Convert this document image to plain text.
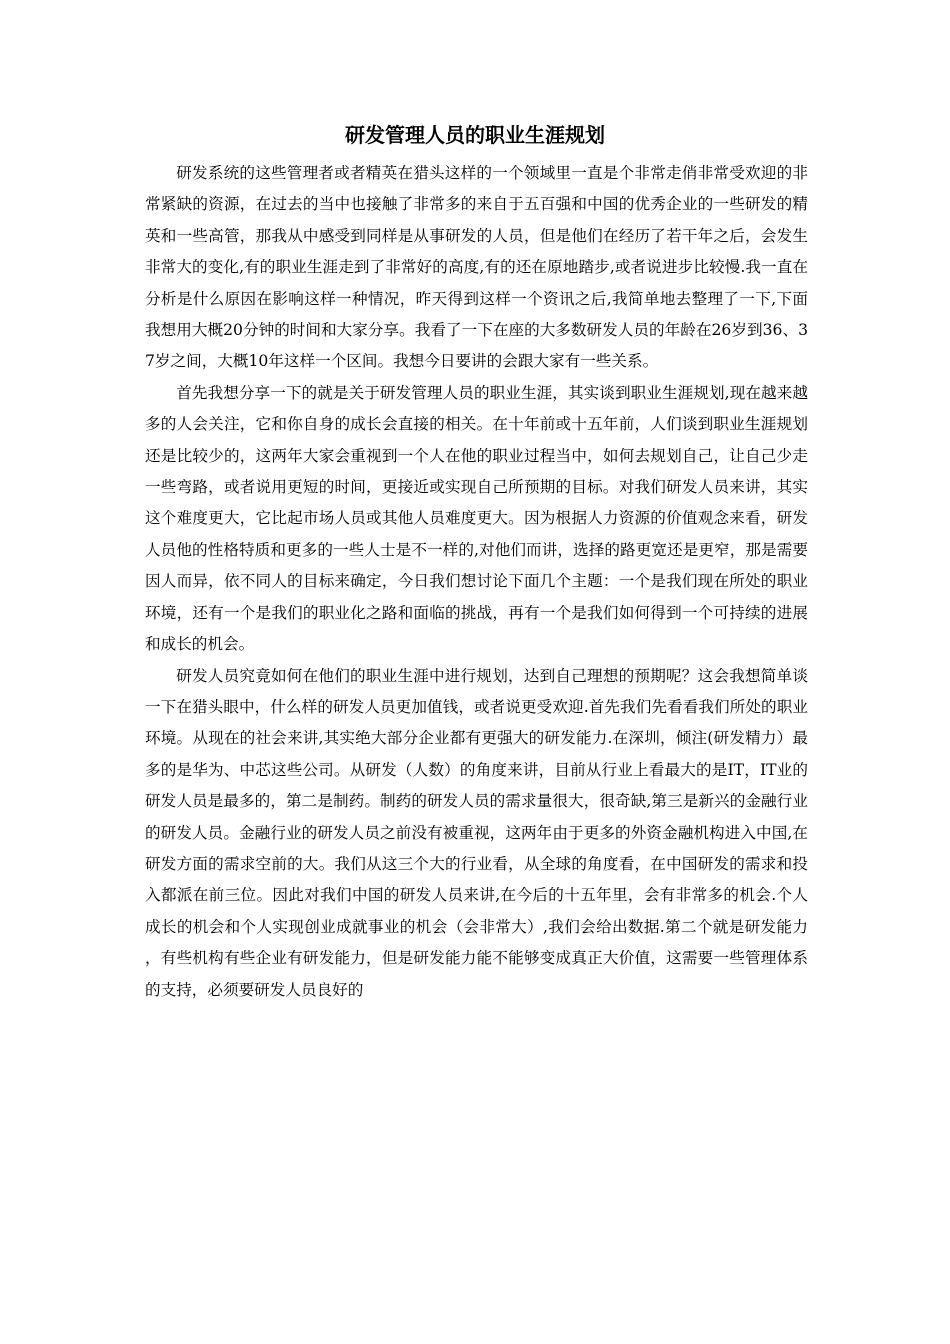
研发管理人员的职业生涯规划

研发系统的这些管理者或者精英在猎头这样的一个领域里一直是个非常走俏非常受欢迎的非常紧缺的资源，在过去的当中也接触了非常多的来自于五百强和中国的优秀企业的一些研发的精英和一些高管，那我从中感受到同样是从事研发的人员，但是他们在经历了若干年之后，会发生非常大的变化,有的职业生涯走到了非常好的高度,有的还在原地踏步,或者说进步比较慢.我一直在分析是什么原因在影响这样一种情况，昨天得到这样一个资讯之后,我简单地去整理了一下,下面我想用大概20分钟的时间和大家分享。我看了一下在座的大多数研发人员的年龄在26岁到36、37岁之间，大概10年这样一个区间。我想今日要讲的会跟大家有一些关系。

首先我想分享一下的就是关于研发管理人员的职业生涯，其实谈到职业生涯规划,现在越来越多的人会关注，它和你自身的成长会直接的相关。在十年前或十五年前，人们谈到职业生涯规划还是比较少的，这两年大家会重视到一个人在他的职业过程当中，如何去规划自己，让自己少走一些弯路，或者说用更短的时间，更接近或实现自己所预期的目标。对我们研发人员来讲，其实这个难度更大，它比起市场人员或其他人员难度更大。因为根据人力资源的价值观念来看，研发人员他的性格特质和更多的一些人士是不一样的,对他们而讲，选择的路更宽还是更窄，那是需要因人而异，依不同人的目标来确定，今日我们想讨论下面几个主题：一个是我们现在所处的职业环境，还有一个是我们的职业化之路和面临的挑战，再有一个是我们如何得到一个可持续的进展和成长的机会。

研发人员究竟如何在他们的职业生涯中进行规划，达到自己理想的预期呢？这会我想简单谈一下在猎头眼中，什么样的研发人员更加值钱，或者说更受欢迎.首先我们先看看我们所处的职业环境。从现在的社会来讲,其实绝大部分企业都有更强大的研发能力.在深圳，倾注(研发精力）最多的是华为、中芯这些公司。从研发（人数）的角度来讲，目前从行业上看最大的是IT，IT业的研发人员是最多的，第二是制药。制药的研发人员的需求量很大，很奇缺,第三是新兴的金融行业的研发人员。金融行业的研发人员之前没有被重视，这两年由于更多的外资金融机构进入中国,在研发方面的需求空前的大。我们从这三个大的行业看，从全球的角度看，在中国研发的需求和投入都派在前三位。因此对我们中国的研发人员来讲,在今后的十五年里，会有非常多的机会.个人成长的机会和个人实现创业成就事业的机会（会非常大）,我们会给出数据.第二个就是研发能力，有些机构有些企业有研发能力，但是研发能力能不能够变成真正大价值，这需要一些管理体系的支持，必须要研发人员良好的
